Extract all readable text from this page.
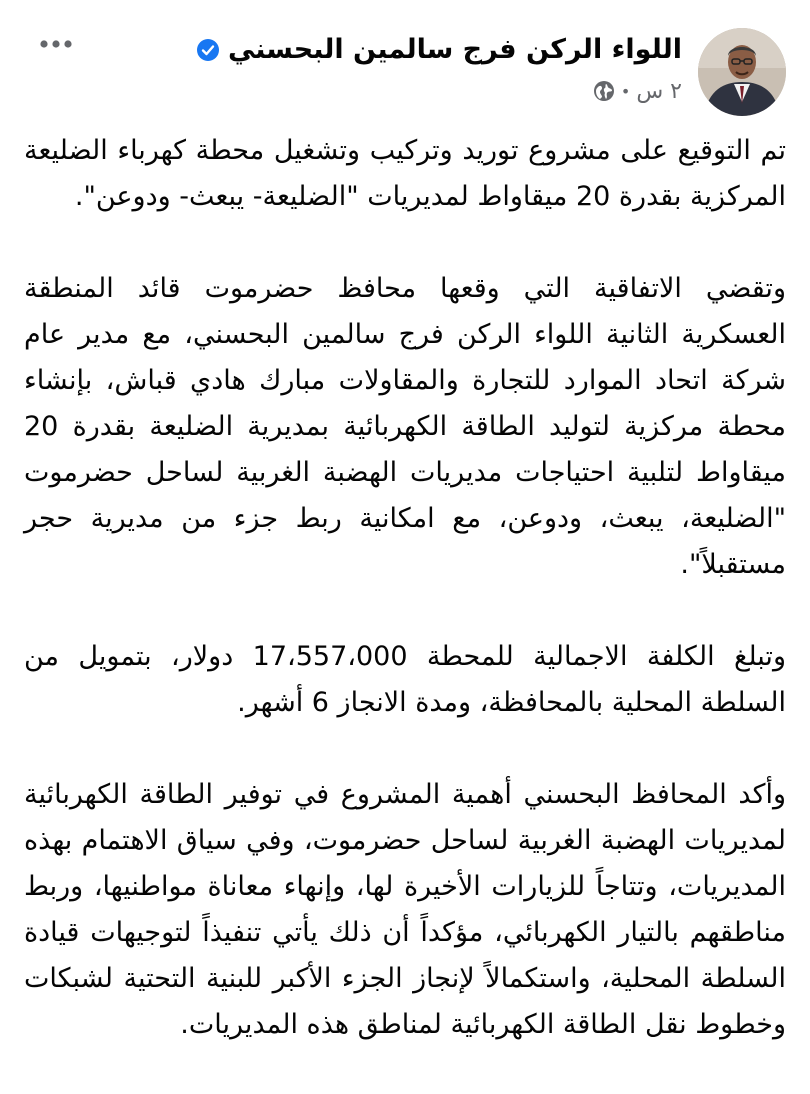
اللواء الركن فرج سالمين البحسني
٢ س
•

تم التوقيع على مشروع توريد وتركيب وتشغيل محطة كهرباء الضليعة المركزية بقدرة 20 ميقاواط لمديريات "الضليعة- يبعث- ودوعن".

وتقضي الاتفاقية التي وقعها محافظ حضرموت قائد المنطقة العسكرية الثانية اللواء الركن فرج سالمين البحسني، مع مدير عام شركة اتحاد الموارد للتجارة والمقاولات مبارك هادي قباش، بإنشاء محطة مركزية لتوليد الطاقة الكهربائية بمديرية الضليعة بقدرة 20 ميقاواط لتلبية احتياجات مديريات الهضبة الغربية لساحل حضرموت "الضليعة، يبعث، ودوعن، مع امكانية ربط جزء من مديرية حجر مستقبلاً".

وتبلغ الكلفة الاجمالية للمحطة 17،557،000 دولار، بتمويل من السلطة المحلية بالمحافظة، ومدة الانجاز 6 أشهر.

وأكد المحافظ البحسني أهمية المشروع في توفير الطاقة الكهربائية لمديريات الهضبة الغربية لساحل حضرموت، وفي سياق الاهتمام بهذه المديريات، وتتاجاً للزيارات الأخيرة لها، وإنهاء معاناة مواطنيها، وربط مناطقهم بالتيار الكهربائي، مؤكداً أن ذلك يأتي تنفيذاً لتوجيهات قيادة السلطة المحلية، واستكمالاً لإنجاز الجزء الأكبر للبنية التحتية لشبكات وخطوط نقل الطاقة الكهربائية لمناطق هذه المديريات.
